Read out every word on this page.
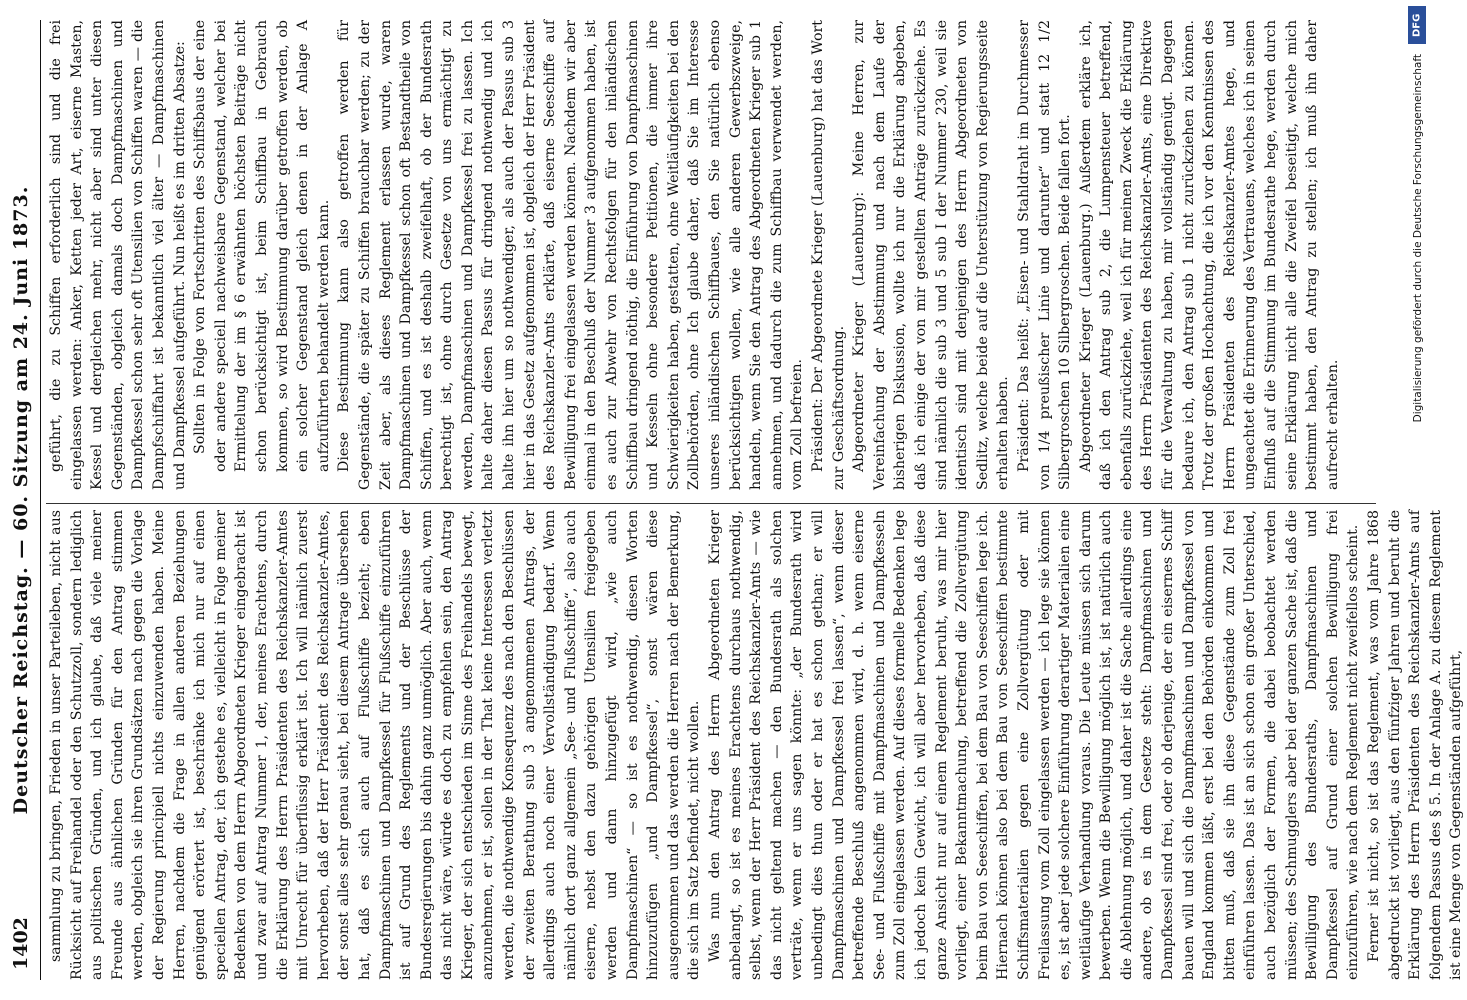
1402
Deutscher Reichstag. — 60. Sitzung am 24. Juni 1873. sammlung zu bringen, Frieden in unser Parteileben, nicht aus Rücksicht auf Freihandel oder den Schutzzoll, sondern lediglich aus politischen Gründen, und ich glaube, daß viele meiner Freunde aus ähnlichen Gründen für den Antrag stimmen werden, obgleich sie ihren Grundsätzen nach gegen die Vorlage der Regierung principiell nichts einzuwenden haben. Meine Herren, nachdem die Frage in allen anderen Beziehungen genügend erörtert ist, beschränke ich mich nur auf einen speciellen Antrag, der, ich gestehe es, vielleicht in Folge meiner Bedenken von dem Herrn Abgeordneten Krieger eingebracht ist und zwar auf Antrag Nummer 1, der, meines Erachtens, durch die Erklärung des Herrn Präsidenten des Reichskanzler-Amtes mit Unrecht für überflüssig erklärt ist. Ich will nämlich zuerst hervorheben, daß der Herr Präsident des Reichskanzler-Amtes, der sonst alles sehr genau sieht, bei diesem Antrage übersehen hat, daß es sich auch auf Flußschiffe bezieht; eben Dampfmaschinen und Dampfkessel für Flußschiffe einzuführen ist auf Grund des Reglements und der Beschlüsse der Bundesregierungen bis dahin ganz unmöglich. Aber auch, wenn das nicht wäre, würde es doch zu empfehlen sein, den Antrag Krieger, der sich entschieden im Sinne des Freihandels bewegt, anzunehmen, er ist, sollen in der That keine Interessen verletzt werden, die nothwendige Konsequenz des nach den Beschlüssen der zweiten Berathung sub 3 angenommenen Antrags, der allerdings auch noch einer Vervollständigung bedarf. Wenn nämlich dort ganz allgemein „See- und Flußschiffe“, also auch eiserne, nebst den dazu gehörigen Utensilien freigegeben werden und dann hinzugefügt wird, „wie auch Dampfmaschinen“ — so ist es nothwendig, diesen Worten hinzuzufügen „und Dampfkessel“, sonst wären diese ausgenommen und das werden die Herren nach der Bemerkung, die sich im Satz befindet, nicht wollen. Was nun den Antrag des Herrn Abgeordneten Krieger anbelangt, so ist es meines Erachtens durchaus nothwendig, selbst, wenn der Herr Präsident des Reichskanzler-Amts — wie das nicht geltend machen — den Bundesrath als solchen verträte, wenn er uns sagen könnte: „der Bundesrath wird unbedingt dies thun oder er hat es schon gethan; er will Dampfmaschinen und Dampfkessel frei lassen“, wenn dieser betreffende Beschluß angenommen wird, d. h. wenn eiserne See- und Flußschiffe mit Dampfmaschinen und Dampfkesseln zum Zoll eingelassen werden. Auf dieses formelle Bedenken lege ich jedoch kein Gewicht, ich will aber hervorheben, daß diese ganze Ansicht nur auf einem Reglement beruht, was mir hier vorliegt, einer Bekanntmachung, betreffend die Zollvergütung beim Bau von Seeschiffen, bei dem Bau von Seeschiffen lege ich. Hiernach können also bei dem Bau von Seeschiffen bestimmte Schiffsmaterialien gegen eine Zollvergütung oder mit Freilassung vom Zoll eingelassen werden — ich lege sie können es, ist aber jede solchere Einführung derartiger Materialien eine weitläufige Verhandlung voraus. Die Leute müssen sich darum bewerben. Wenn die Bewilligung möglich ist, ist natürlich auch die Ablehnung möglich, und daher ist die Sache allerdings eine andere, ob es in dem Gesetze steht: Dampfmaschinen und Dampfkessel sind frei, oder ob derjenige, der ein eisernes Schiff bauen will und sich die Dampfmaschinen und Dampfkessel von England kommen läßt, erst bei den Behörden einkommen und bitten muß, daß sie ihn diese Gegenstände zum Zoll frei einführen lassen. Das ist an sich schon ein großer Unterschied, auch bezüglich der Formen, die dabei beobachtet werden müssen; des Schmugglers aber bei der ganzen Sache ist, daß die Bewilligung des Bundesraths, Dampfmaschinen und Dampfkessel auf Grund einer solchen Bewilligung frei einzuführen, wie nach dem Reglement nicht zweifellos scheint. Ferner ist nicht, so ist das Reglement, was vom Jahre 1868 abgedruckt ist vorliegt, aus den fünfziger Jahren und beruht die Erklärung des Herrn Präsidenten des Reichskanzler-Amts auf folgendem Passus des § 5. In der Anlage A. zu diesem Reglement ist eine Menge von Gegenständen aufgeführt,

geführt, die zu Schiffen erforderlich sind und die frei eingelassen werden: Anker, Ketten jeder Art, eiserne Masten, Kessel und dergleichen mehr, nicht aber sind unter diesen Gegenständen, obgleich damals doch Dampfmaschinen und Dampfkessel schon sehr oft Utensilien von Schiffen waren — die Dampfschiffahrt ist bekanntlich viel älter — Dampfmaschinen und Dampfkessel aufgeführt. Nun heißt es im dritten Absatze: Sollten in Folge von Fortschritten des Schiffsbaus der eine oder andere speciell nachweisbare Gegenstand, welcher bei Ermittelung der im § 6 erwähnten höchsten Beiträge nicht schon berücksichtigt ist, beim Schiffbau in Gebrauch kommen, so wird Bestimmung darüber getroffen werden, ob ein solcher Gegenstand gleich denen in der Anlage A aufzuführten behandelt werden kann. Diese Bestimmung kann also getroffen werden für Gegenstände, die später zu Schiffen brauchbar werden; zu der Zeit aber, als dieses Reglement erlassen wurde, waren Dampfmaschinen und Dampfkessel schon oft Bestandtheile von Schiffen, und es ist deshalb zweifelhaft, ob der Bundesrath berechtigt ist, ohne durch Gesetze von uns ermächtigt zu werden, Dampfmaschinen und Dampfkessel frei zu lassen. Ich halte daher diesen Passus für dringend nothwendig und ich halte ihn hier um so nothwendiger, als auch der Passus sub 3 hier in das Gesetz aufgenommen ist, obgleich der Herr Präsident des Reichskanzler-Amts erklärte, daß eiserne Seeschiffe auf Bewilligung frei eingelassen werden können. Nachdem wir aber einmal in den Beschluß der Nummer 3 aufgenommen haben, ist es auch zur Abwehr von Rechtsfolgen für den inländischen Schiffbau dringend nöthig, die Einführung von Dampfmaschinen und Kesseln ohne besondere Petitionen, die immer ihre Schwierigkeiten haben, gestatten, ohne Weitläufigkeiten bei den Zollbehörden, ohne Ich glaube daher, daß Sie im Interesse unseres inländischen Schiffbaues, den Sie natürlich ebenso berücksichtigen wollen, wie alle anderen Gewerbszweige, handeln, wenn Sie den Antrag des Abgeordneten Krieger sub 1 annehmen, und dadurch die zum Schiffbau verwendet werden, vom Zoll befreien. Präsident: Der Abgeordnete Krieger (Lauenburg) hat das Wort zur Geschäftsordnung. Abgeordneter Krieger (Lauenburg): Meine Herren, zur Vereinfachung der Abstimmung und nach dem Laufe der bisherigen Diskussion, wollte ich nur die Erklärung abgeben, daß ich einige der von mir gestellten Anträge zurückziehe. Es sind nämlich die sub 3 und 5 sub I der Nummer 230, weil sie identisch sind mit denjenigen des Herrn Abgeordneten von Sedlitz, welche beide auf die Unterstützung von Regierungsseite erhalten haben. Präsident: Das heißt: „Eisen- und Stahldraht im Durchmesser von 1/4 preußischer Linie und darunter“ und statt 12 1/2 Silbergroschen 10 Silbergroschen. Beide fallen fort. Abgeordneter Krieger (Lauenburg.) Außerdem erkläre ich, daß ich den Antrag sub 2, die Lumpensteuer betreffend, ebenfalls zurückziehe, weil ich für meinen Zweck die Erklärung des Herrn Präsidenten des Reichskanzler-Amts, eine Direktive für die Verwaltung zu haben, mir vollständig genügt. Dagegen bedaure ich, den Antrag sub 1 nicht zurückziehen zu können. Trotz der großen Hochachtung, die ich vor den Kenntnissen des Herrn Präsidenten des Reichskanzler-Amtes hege, und ungeachtet die Erinnerung des Vertrauens, welches ich in seinen Einfluß auf die Stimmung im Bundesrathe hege, werden durch seine Erklärung nicht alle die Zweifel beseitigt, welche mich bestimmt haben, den Antrag zu stellen; ich muß ihn daher aufrecht erhalten.

DFG
Digitalisierung gefördert durch die Deutsche Forschungsgemeinschaft
